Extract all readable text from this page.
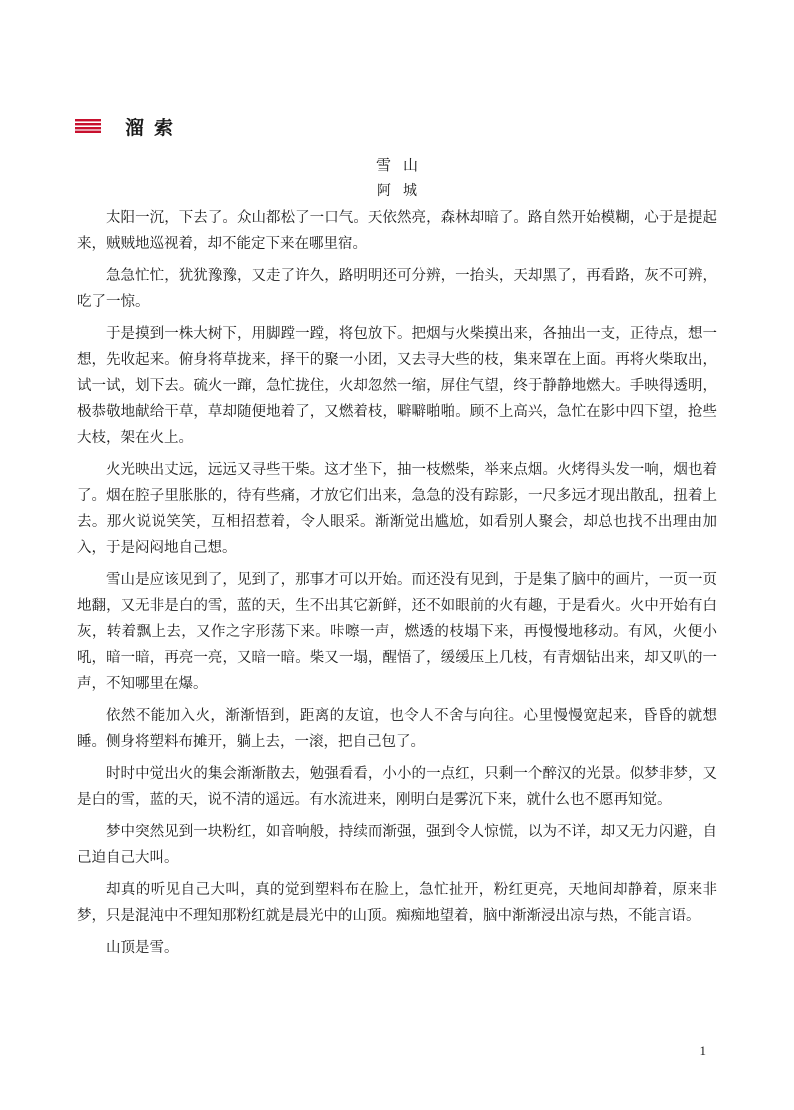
溜索
雪山
阿城

太阳一沉，下去了。众山都松了一口气。天依然亮，森林却暗了。路自然开始模糊，心于是提起来，贼贼地巡视着，却不能定下来在哪里宿。

急急忙忙，犹犹豫豫，又走了许久，路明明还可分辨，一抬头，天却黑了，再看路，灰不可辨，吃了一惊。

于是摸到一株大树下，用脚蹚一蹚，将包放下。把烟与火柴摸出来，各抽出一支，正待点，想一想，先收起来。俯身将草拢来，择干的聚一小团，又去寻大些的枝，集来罩在上面。再将火柴取出，试一试，划下去。硫火一蹿，急忙拢住，火却忽然一缩，屏住气望，终于静静地燃大。手映得透明，极恭敬地献给干草，草却随便地着了，又燃着枝，噼噼啪啪。顾不上高兴，急忙在影中四下望，抢些大枝，架在火上。

火光映出丈远，远远又寻些干柴。这才坐下，抽一枝燃柴，举来点烟。火烤得头发一响，烟也着了。烟在腔子里胀胀的，待有些痛，才放它们出来，急急的没有踪影，一尺多远才现出散乱，扭着上去。那火说说笑笑，互相招惹着，令人眼采。渐渐觉出尴尬，如看别人聚会，却总也找不出理由加入，于是闷闷地自己想。

雪山是应该见到了，见到了，那事才可以开始。而还没有见到，于是集了脑中的画片，一页一页地翻，又无非是白的雪，蓝的天，生不出其它新鲜，还不如眼前的火有趣，于是看火。火中开始有白灰，转着飘上去，又作之字形荡下来。咔嚓一声，燃透的枝塌下来，再慢慢地移动。有风，火便小吼，暗一暗，再亮一亮，又暗一暗。柴又一塌，醒悟了，缓缓压上几枝，有青烟钻出来，却又叭的一声，不知哪里在爆。

依然不能加入火，渐渐悟到，距离的友谊，也令人不舍与向往。心里慢慢宽起来，昏昏的就想睡。侧身将塑料布摊开，躺上去，一滚，把自己包了。

时时中觉出火的集会渐渐散去，勉强看看，小小的一点红，只剩一个醉汉的光景。似梦非梦，又是白的雪，蓝的天，说不清的遥远。有水流进来，刚明白是雾沉下来，就什么也不愿再知觉。

梦中突然见到一块粉红，如音响般，持续而渐强，强到令人惊慌，以为不详，却又无力闪避，自己迫自己大叫。

却真的听见自己大叫，真的觉到塑料布在脸上，急忙扯开，粉红更亮，天地间却静着，原来非梦，只是混沌中不理知那粉红就是晨光中的山顶。痴痴地望着，脑中渐渐浸出凉与热，不能言语。

山顶是雪。

1
